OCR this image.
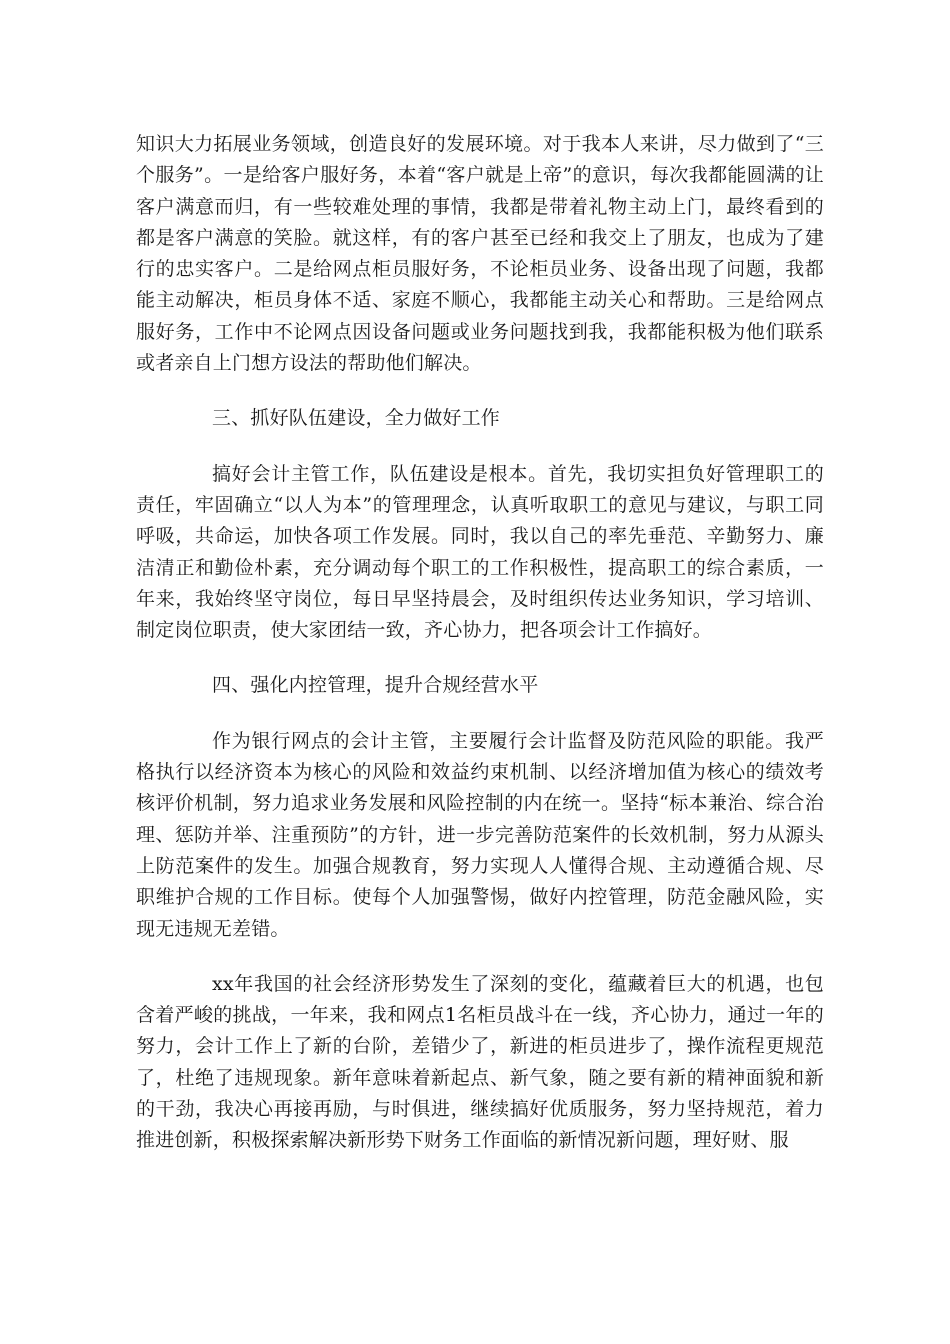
知识大力拓展业务领域，创造良好的发展环境。对于我本人来讲，尽力做到了“三个服务”。一是给客户服好务，本着“客户就是上帝”的意识，每次我都能圆满的让客户满意而归，有一些较难处理的事情，我都是带着礼物主动上门，最终看到的都是客户满意的笑脸。就这样，有的客户甚至已经和我交上了朋友，也成为了建行的忠实客户。二是给网点柜员服好务，不论柜员业务、设备出现了问题，我都能主动解决，柜员身体不适、家庭不顺心，我都能主动关心和帮助。三是给网点服好务，工作中不论网点因设备问题或业务问题找到我，我都能积极为他们联系或者亲自上门想方设法的帮助他们解决。

三、抓好队伍建设，全力做好工作

搞好会计主管工作，队伍建设是根本。首先，我切实担负好管理职工的责任，牢固确立“以人为本”的管理理念，认真听取职工的意见与建议，与职工同呼吸，共命运，加快各项工作发展。同时，我以自己的率先垂范、辛勤努力、廉洁清正和勤俭朴素，充分调动每个职工的工作积极性，提高职工的综合素质，一年来，我始终坚守岗位，每日早坚持晨会，及时组织传达业务知识，学习培训、制定岗位职责，使大家团结一致，齐心协力，把各项会计工作搞好。

四、强化内控管理，提升合规经营水平

作为银行网点的会计主管，主要履行会计监督及防范风险的职能。我严格执行以经济资本为核心的风险和效益约束机制、以经济增加值为核心的绩效考核评价机制，努力追求业务发展和风险控制的内在统一。坚持“标本兼治、综合治理、惩防并举、注重预防”的方针，进一步完善防范案件的长效机制，努力从源头上防范案件的发生。加强合规教育，努力实现人人懂得合规、主动遵循合规、尽职维护合规的工作目标。使每个人加强警惕，做好内控管理，防范金融风险，实现无违规无差错。

xx年我国的社会经济形势发生了深刻的变化，蕴藏着巨大的机遇，也包含着严峻的挑战，一年来，我和网点1名柜员战斗在一线，齐心协力，通过一年的努力，会计工作上了新的台阶，差错少了，新进的柜员进步了，操作流程更规范了，杜绝了违规现象。新年意味着新起点、新气象，随之要有新的精神面貌和新的干劲，我决心再接再励，与时俱进，继续搞好优质服务，努力坚持规范，着力推进创新，积极探索解决新形势下财务工作面临的新情况新问题，理好财、服
